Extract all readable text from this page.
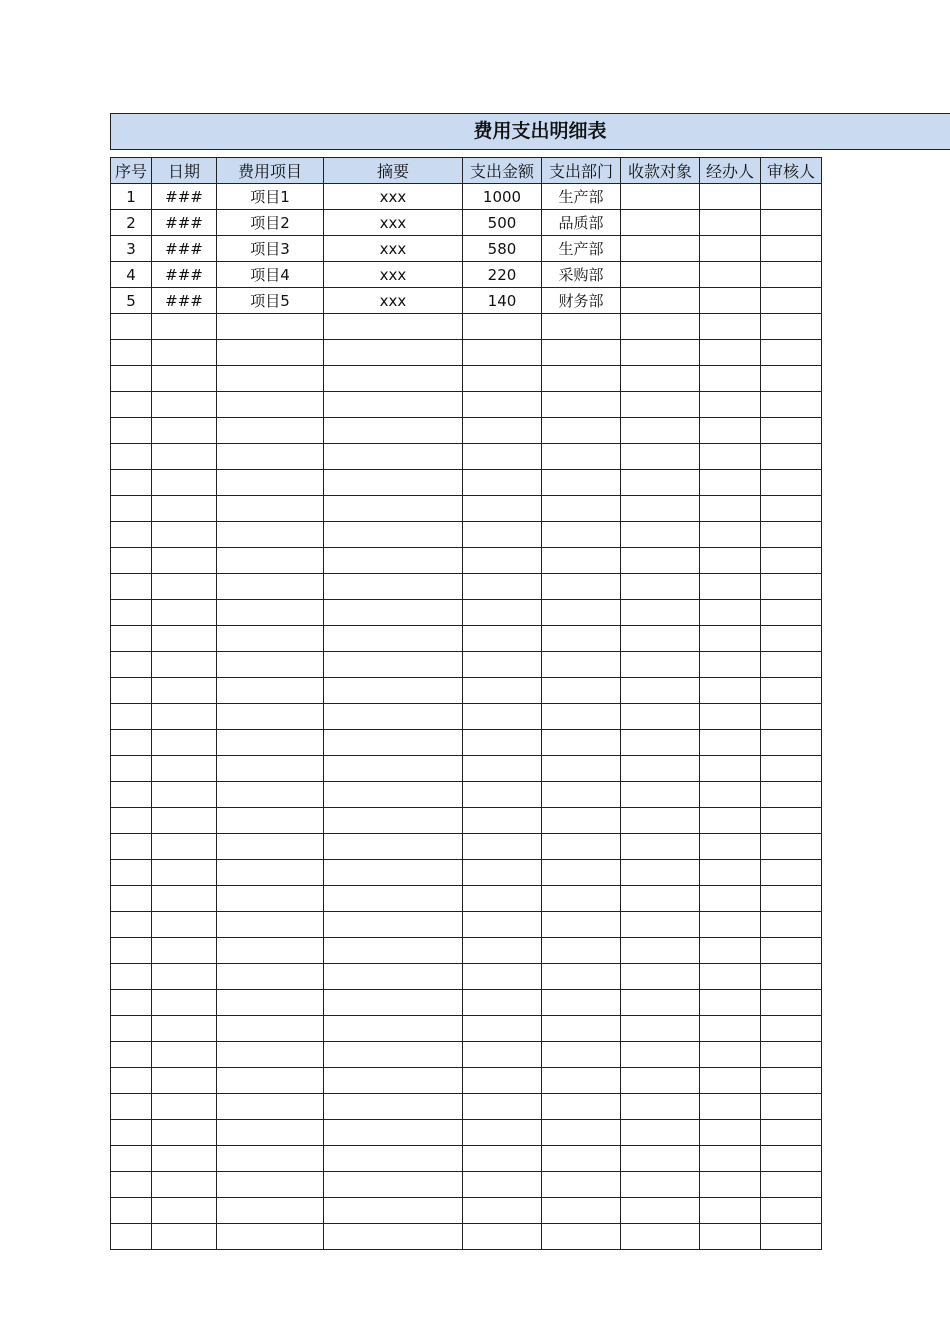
费用支出明细表
序号	日期	费用项目	摘要	支出金额	支出部门	收款对象	经办人	审核人
1	###	项目1	xxx	1000	生产部			
2	###	项目2	xxx	500	品质部			
3	###	项目3	xxx	580	生产部			
4	###	项目4	xxx	220	采购部			
5	###	项目5	xxx	140	财务部			
